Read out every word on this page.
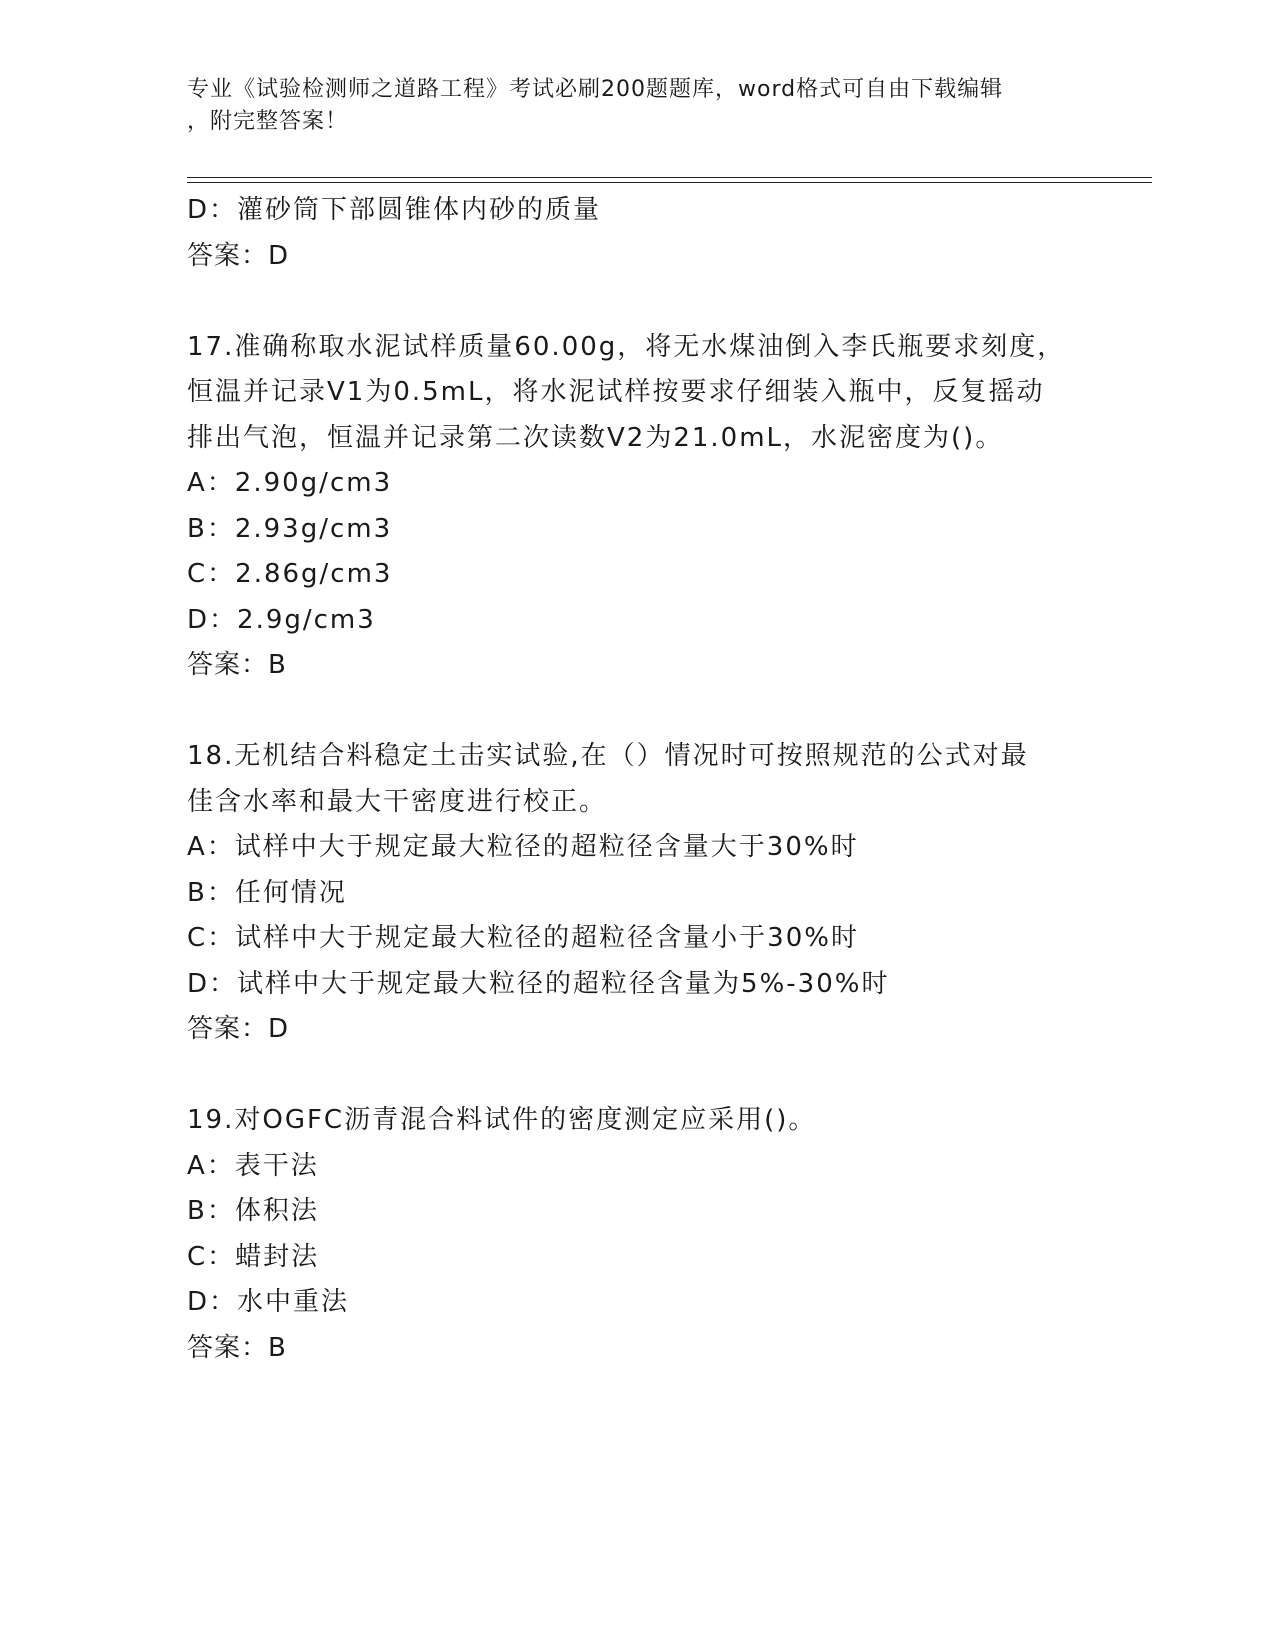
专业《试验检测师之道路工程》考试必刷200题题库，word格式可自由下载编辑
，附完整答案！

D：灌砂筒下部圆锥体内砂的质量

答案：D

17.准确称取水泥试样质量60.00g，将无水煤油倒入李氏瓶要求刻度，

恒温并记录V1为0.5mL，将水泥试样按要求仔细装入瓶中，反复摇动

排出气泡，恒温并记录第二次读数V2为21.0mL，水泥密度为()。

A：2.90g/cm3

B：2.93g/cm3

C：2.86g/cm3

D：2.9g/cm3

答案：B

18.无机结合料稳定土击实试验,在（）情况时可按照规范的公式对最

佳含水率和最大干密度进行校正。

A：试样中大于规定最大粒径的超粒径含量大于30%时

B：任何情况

C：试样中大于规定最大粒径的超粒径含量小于30%时

D：试样中大于规定最大粒径的超粒径含量为5%-30%时

答案：D

19.对OGFC沥青混合料试件的密度测定应采用()。

A：表干法

B：体积法

C：蜡封法

D：水中重法

答案：B
